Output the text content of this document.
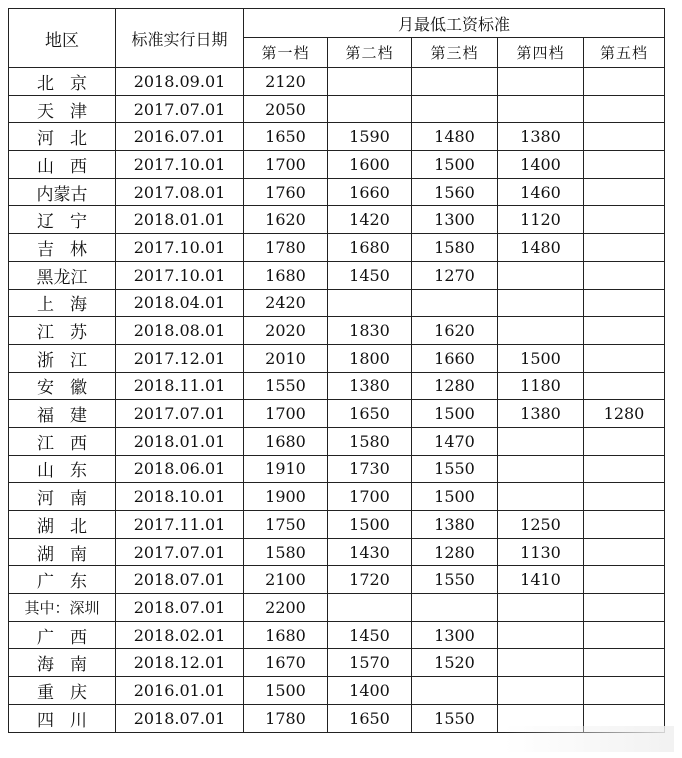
地区	标准实行日期	月最低工资标准				
		第一档	第二档	第三档	第四档	第五档
北京	2018.09.01	2120				
天津	2017.07.01	2050				
河北	2016.07.01	1650	1590	1480	1380	
山西	2017.10.01	1700	1600	1500	1400	
内蒙古	2017.08.01	1760	1660	1560	1460	
辽宁	2018.01.01	1620	1420	1300	1120	
吉林	2017.10.01	1780	1680	1580	1480	
黑龙江	2017.10.01	1680	1450	1270		
上海	2018.04.01	2420				
江苏	2018.08.01	2020	1830	1620		
浙江	2017.12.01	2010	1800	1660	1500	
安徽	2018.11.01	1550	1380	1280	1180	
福建	2017.07.01	1700	1650	1500	1380	1280
江西	2018.01.01	1680	1580	1470		
山东	2018.06.01	1910	1730	1550		
河南	2018.10.01	1900	1700	1500		
湖北	2017.11.01	1750	1500	1380	1250	
湖南	2017.07.01	1580	1430	1280	1130	
广东	2018.07.01	2100	1720	1550	1410	
其中：深圳	2018.07.01	2200				
广西	2018.02.01	1680	1450	1300		
海南	2018.12.01	1670	1570	1520		
重庆	2016.01.01	1500	1400			
四川	2018.07.01	1780	1650	1550		
